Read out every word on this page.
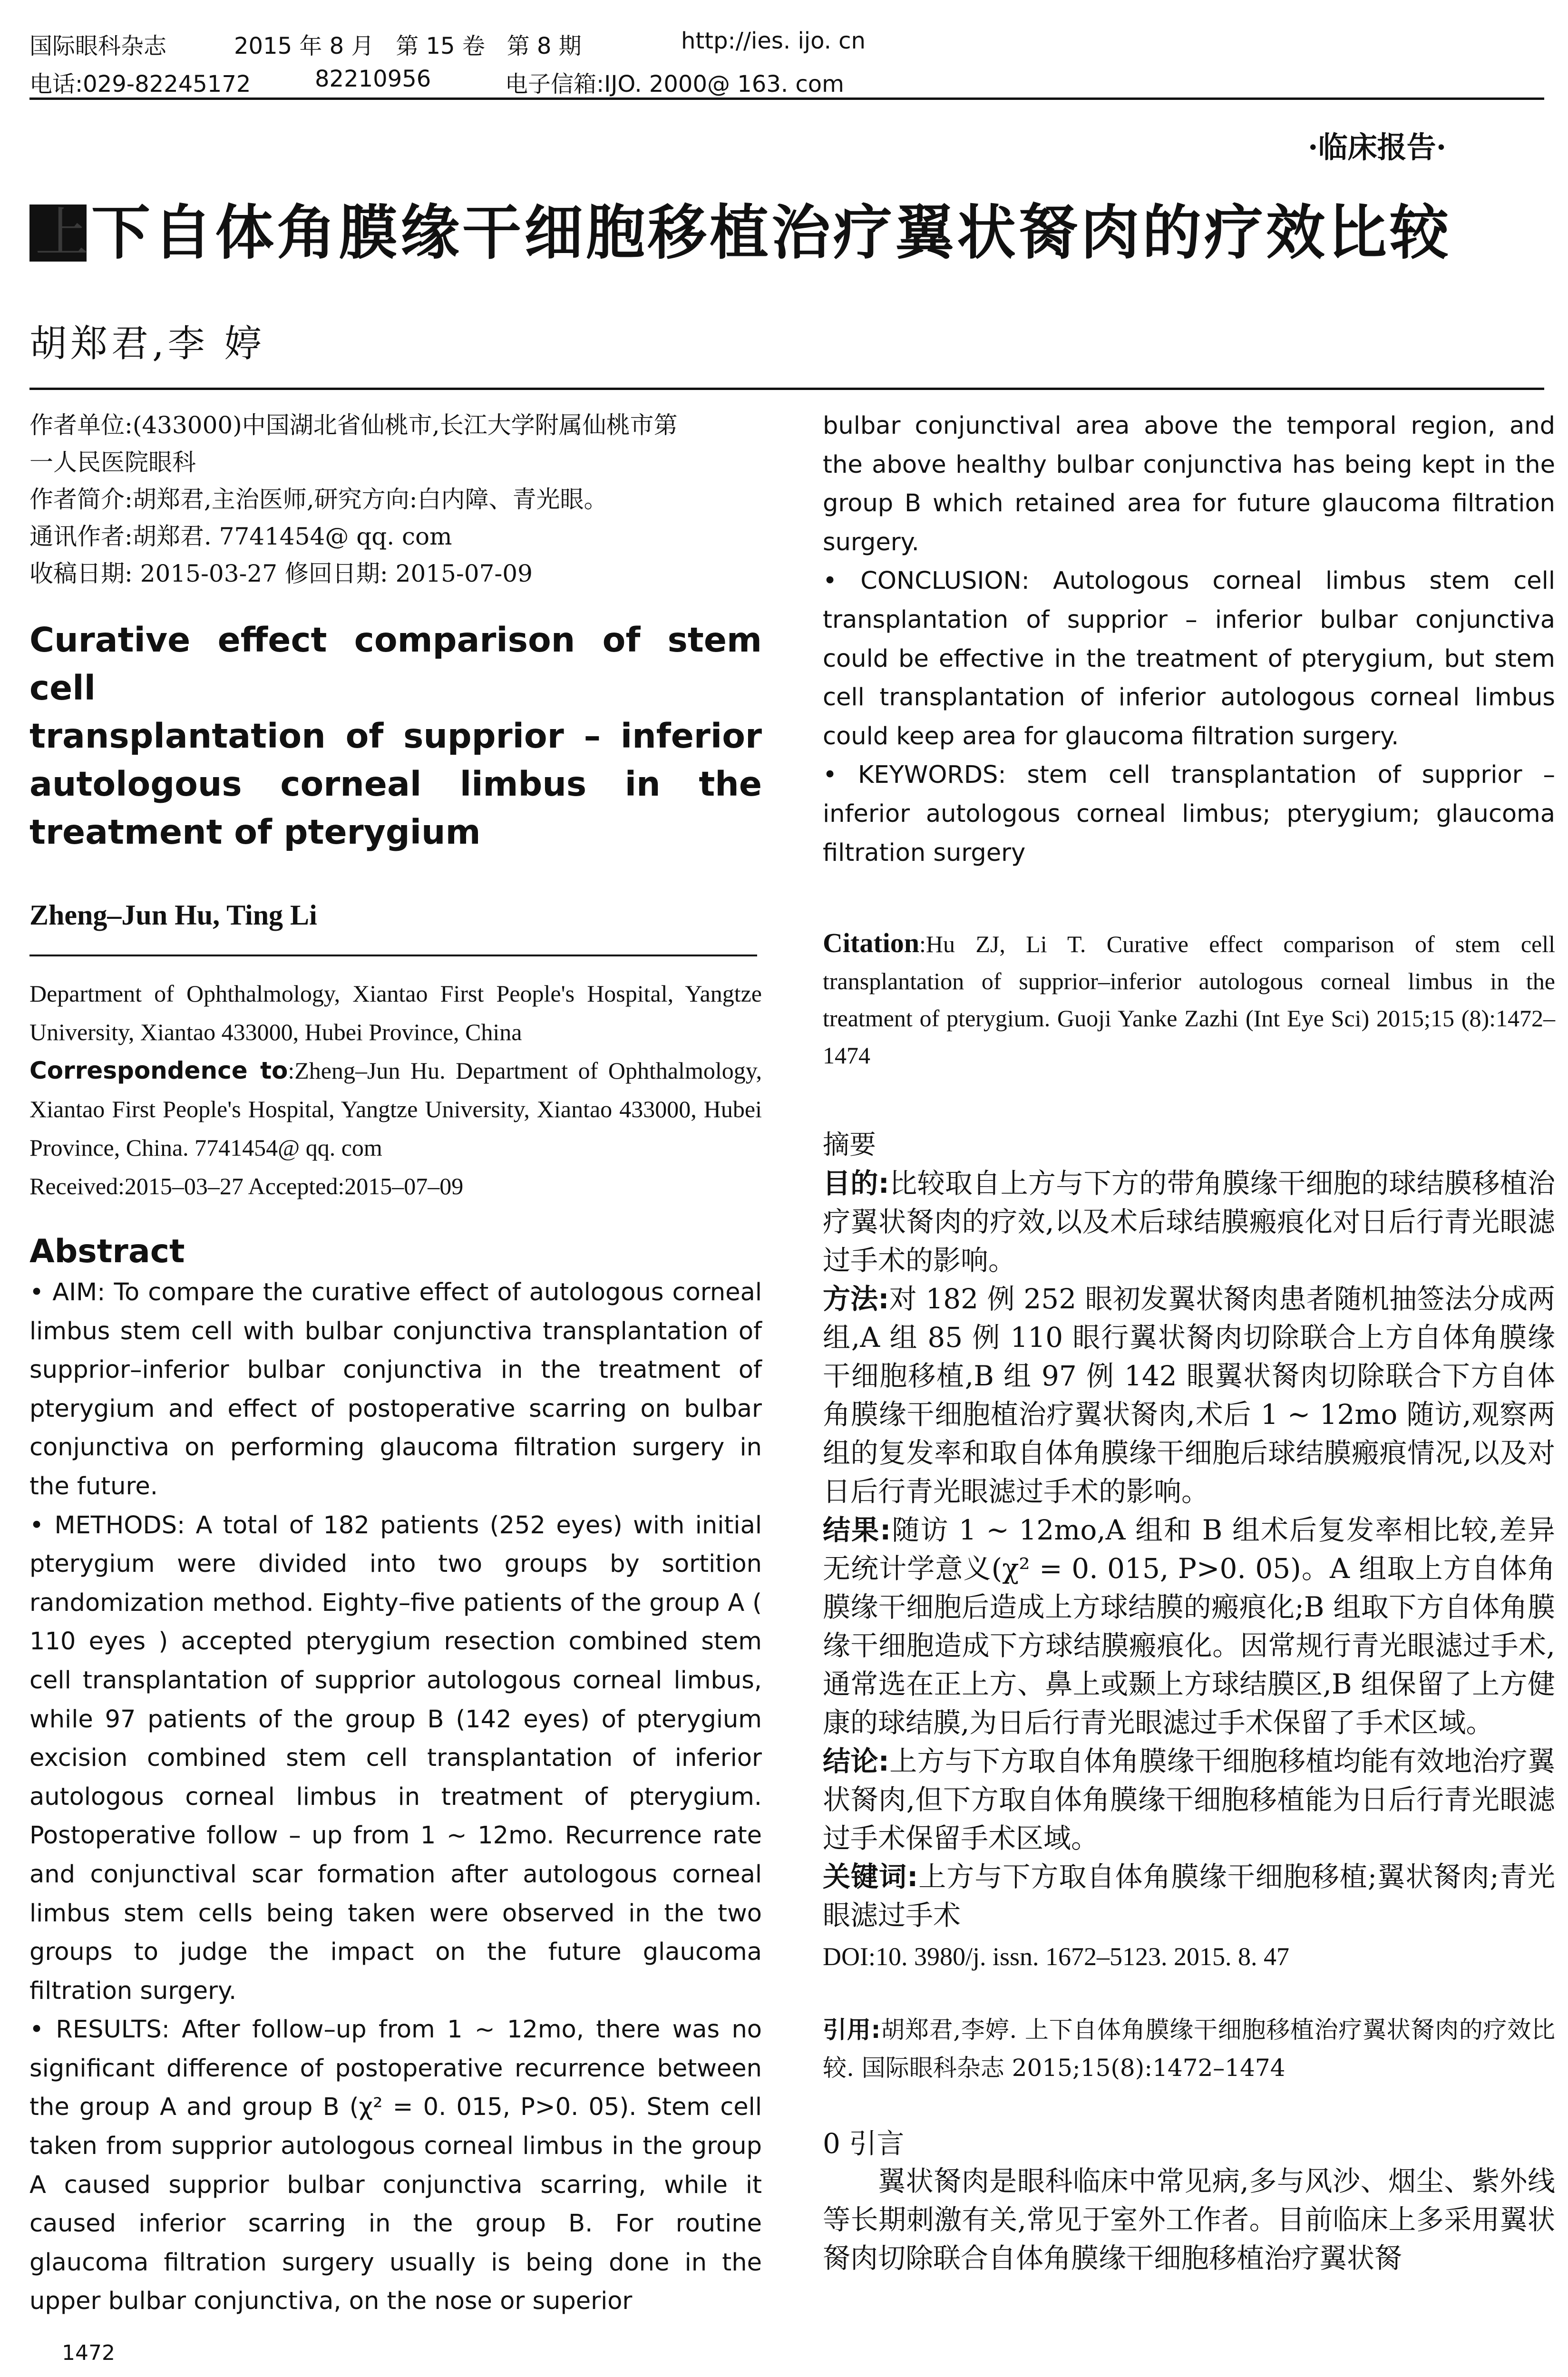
国际眼科杂志	2015 年 8 月   第 15 卷   第 8 期	http://ies. ijo. cn
电话:029-82245172	82210956	电子信箱:IJO. 2000@ 163. com
·临床报告·
上 下自体角膜缘干细胞移植治疗翼状胬肉的疗效比较
胡郑君,李 婷

作者单位:(433000)中国湖北省仙桃市,长江大学附属仙桃市第

一人民医院眼科

作者简介:胡郑君,主治医师,研究方向:白内障、青光眼。

通讯作者:胡郑君. 7741454@ qq. com

收稿日期: 2015-03-27 修回日期: 2015-07-09

Curative effect comparison of stem cell
transplantation of supprior – inferior
autologous corneal limbus in the
treatment of pterygium
Zheng–Jun Hu, Ting Li
Department of Ophthalmology, Xiantao First People's Hospital, Yangtze University, Xiantao 433000, Hubei Province, China
Correspondence to:Zheng–Jun Hu. Department of Ophthalmology, Xiantao First People's Hospital, Yangtze University, Xiantao 433000, Hubei Province, China. 7741454@ qq. com
Received:2015–03–27 Accepted:2015–07–09
Abstract

• AIM: To compare the curative effect of autologous corneal limbus stem cell with bulbar conjunctiva transplantation of supprior–inferior bulbar conjunctiva in the treatment of pterygium and effect of postoperative scarring on bulbar conjunctiva on performing glaucoma filtration surgery in the future.

• METHODS: A total of 182 patients (252 eyes) with initial pterygium were divided into two groups by sortition randomization method. Eighty–five patients of the group A ( 110 eyes ) accepted pterygium resection combined stem cell transplantation of supprior autologous corneal limbus, while 97 patients of the group B (142 eyes) of pterygium excision combined stem cell transplantation of inferior autologous corneal limbus in treatment of pterygium. Postoperative follow – up from 1 ~ 12mo. Recurrence rate and conjunctival scar formation after autologous corneal limbus stem cells being taken were observed in the two groups to judge the impact on the future glaucoma filtration surgery.

• RESULTS: After follow–up from 1 ~ 12mo, there was no significant difference of postoperative recurrence between the group A and group B (χ² = 0. 015, P>0. 05). Stem cell taken from supprior autologous corneal limbus in the group A caused supprior bulbar conjunctiva scarring, while it caused inferior scarring in the group B. For routine glaucoma filtration surgery usually is being done in the upper bulbar conjunctiva, on the nose or superior

bulbar conjunctival area above the temporal region, and the above healthy bulbar conjunctiva has being kept in the group B which retained area for future glaucoma filtration surgery.

• CONCLUSION: Autologous corneal limbus stem cell transplantation of supprior – inferior bulbar conjunctiva could be effective in the treatment of pterygium, but stem cell transplantation of inferior autologous corneal limbus could keep area for glaucoma filtration surgery.

• KEYWORDS: stem cell transplantation of supprior – inferior autologous corneal limbus; pterygium; glaucoma filtration surgery

Citation:Hu ZJ, Li T. Curative effect comparison of stem cell transplantation of supprior–inferior autologous corneal limbus in the treatment of pterygium. Guoji Yanke Zazhi (Int Eye Sci) 2015;15 (8):1472–1474
摘要

目的:比较取自上方与下方的带角膜缘干细胞的球结膜移植治疗翼状胬肉的疗效,以及术后球结膜瘢痕化对日后行青光眼滤过手术的影响。

方法:对 182 例 252 眼初发翼状胬肉患者随机抽签法分成两组,A 组 85 例 110 眼行翼状胬肉切除联合上方自体角膜缘干细胞移植,B 组 97 例 142 眼翼状胬肉切除联合下方自体角膜缘干细胞植治疗翼状胬肉,术后 1 ~ 12mo 随访,观察两组的复发率和取自体角膜缘干细胞后球结膜瘢痕情况,以及对日后行青光眼滤过手术的影响。

结果:随访 1 ~ 12mo,A 组和 B 组术后复发率相比较,差异无统计学意义(χ² = 0. 015, P>0. 05)。A 组取上方自体角膜缘干细胞后造成上方球结膜的瘢痕化;B 组取下方自体角膜缘干细胞造成下方球结膜瘢痕化。因常规行青光眼滤过手术,通常选在正上方、鼻上或颞上方球结膜区,B 组保留了上方健康的球结膜,为日后行青光眼滤过手术保留了手术区域。

结论:上方与下方取自体角膜缘干细胞移植均能有效地治疗翼状胬肉,但下方取自体角膜缘干细胞移植能为日后行青光眼滤过手术保留手术区域。

关键词:上方与下方取自体角膜缘干细胞移植;翼状胬肉;青光眼滤过手术

DOI:10. 3980/j. issn. 1672–5123. 2015. 8. 47
引用:胡郑君,李婷. 上下自体角膜缘干细胞移植治疗翼状胬肉的疗效比较. 国际眼科杂志 2015;15(8):1472–1474
0 引言

翼状胬肉是眼科临床中常见病,多与风沙、烟尘、紫外线等长期刺激有关,常见于室外工作者。目前临床上多采用翼状胬肉切除联合自体角膜缘干细胞移植治疗翼状胬

1472
